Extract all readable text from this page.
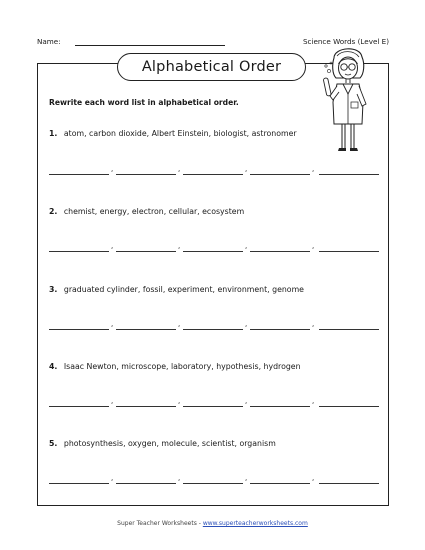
Name:	Science Words (Level E)
Alphabetical Order
Rewrite each word list in alphabetical order.
1. atom, carbon dioxide, Albert Einstein, biologist, astronomer
,	,	,	,
2. chemist, energy, electron, cellular, ecosystem
,	,	,	,
3. graduated cylinder, fossil, experiment, environment, genome
,	,	,	,
4. Isaac Newton, microscope, laboratory, hypothesis, hydrogen
,	,	,	,
5. photosynthesis, oxygen, molecule, scientist, organism
,	,	,	,
Super Teacher Worksheets - www.superteacherworksheets.com
